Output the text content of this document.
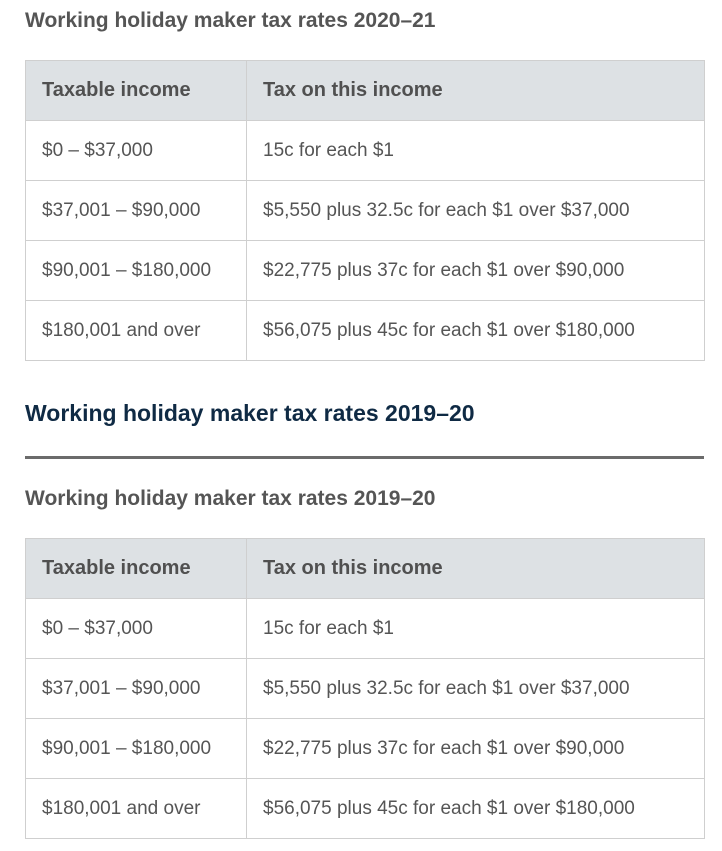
Working holiday maker tax rates 2020–21
Taxable income	Tax on this income
$0 – $37,000	15c for each $1
$37,001 – $90,000	$5,550 plus 32.5c for each $1 over $37,000
$90,001 – $180,000	$22,775 plus 37c for each $1 over $90,000
$180,001 and over	$56,075 plus 45c for each $1 over $180,000
Working holiday maker tax rates 2019–20
Working holiday maker tax rates 2019–20
Taxable income	Tax on this income
$0 – $37,000	15c for each $1
$37,001 – $90,000	$5,550 plus 32.5c for each $1 over $37,000
$90,001 – $180,000	$22,775 plus 37c for each $1 over $90,000
$180,001 and over	$56,075 plus 45c for each $1 over $180,000
